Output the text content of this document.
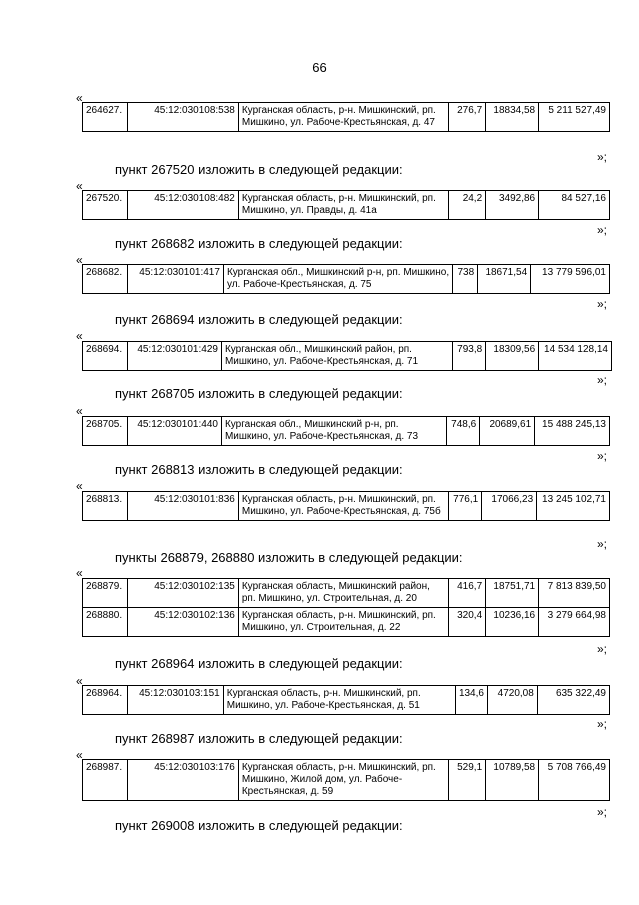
66
«
264627.	45:12:030108:538	Курганская область, р-н. Мишкинский, рп. Мишкино, ул. Рабоче-Крестьянская, д. 47	276,7	18834,58	5 211 527,49
»;
пункт 267520 изложить в следующей редакции:
«
267520.	45:12:030108:482	Курганская область, р-н. Мишкинский, рп. Мишкино, ул. Правды, д. 41а	24,2	3492,86	84 527,16
»;
пункт 268682 изложить в следующей редакции:
«
268682.	45:12:030101:417	Курганская обл., Мишкинский р-н, рп. Мишкино, ул. Рабоче-Крестьянская, д. 75	738	18671,54	13 779 596,01
»;
пункт 268694 изложить в следующей редакции:
«
268694.	45:12:030101:429	Курганская обл., Мишкинский район, рп. Мишкино, ул. Рабоче-Крестьянская, д. 71	793,8	18309,56	14 534 128,14
»;
пункт 268705 изложить в следующей редакции:
«
268705.	45:12:030101:440	Курганская обл., Мишкинский р-н, рп. Мишкино, ул. Рабоче-Крестьянская, д. 73	748,6	20689,61	15 488 245,13
»;
пункт 268813 изложить в следующей редакции:
«
268813.	45:12:030101:836	Курганская область, р-н. Мишкинский, рп. Мишкино, ул. Рабоче-Крестьянская, д. 75б	776,1	17066,23	13 245 102,71
»;
пункты 268879, 268880 изложить в следующей редакции:
«
268879.	45:12:030102:135	Курганская область, Мишкинский район, рп. Мишкино, ул. Строительная, д. 20	416,7	18751,71	7 813 839,50
268880.	45:12:030102:136	Курганская область, р-н. Мишкинский, рп. Мишкино, ул. Строительная, д. 22	320,4	10236,16	3 279 664,98
»;
пункт 268964 изложить в следующей редакции:
«
268964.	45:12:030103:151	Курганская область, р-н. Мишкинский, рп. Мишкино, ул. Рабоче-Крестьянская, д. 51	134,6	4720,08	635 322,49
»;
пункт 268987 изложить в следующей редакции:
«
268987.	45:12:030103:176	Курганская область, р-н. Мишкинский, рп. Мишкино, Жилой дом, ул. Рабоче-Крестьянская, д. 59	529,1	10789,58	5 708 766,49
»;
пункт 269008 изложить в следующей редакции:
